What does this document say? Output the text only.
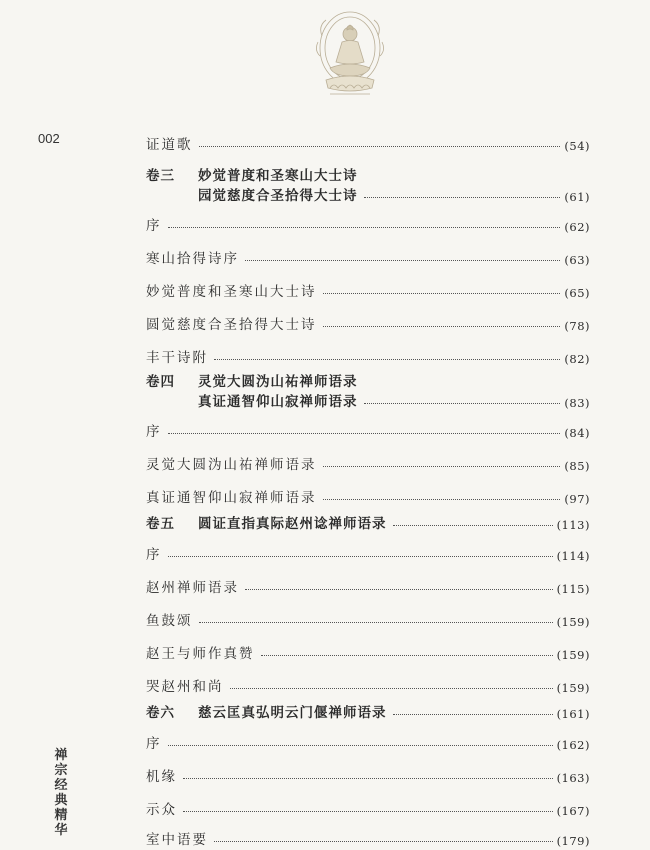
002
禅
宗
经
典
精
华
证道歌	(54)
卷三 妙觉普度和圣寒山大士诗
园觉慈度合圣拾得大士诗	(61)
序	(62)
寒山拾得诗序	(63)
妙觉普度和圣寒山大士诗	(65)
圆觉慈度合圣拾得大士诗	(78)
丰干诗附	(82)
卷四 灵觉大圆沩山祐禅师语录
真证通智仰山寂禅师语录	(83)
序	(84)
灵觉大圆沩山祐禅师语录	(85)
真证通智仰山寂禅师语录	(97)
卷五	圆证直指真际赵州谂禅师语录	(113)
序	(114)
赵州禅师语录	(115)
鱼鼓颂	(159)
赵王与师作真赞	(159)
哭赵州和尚	(159)
卷六	慈云匡真弘明云门偃禅师语录	(161)
序	(162)
机缘	(163)
示众	(167)
室中语要	(179)
